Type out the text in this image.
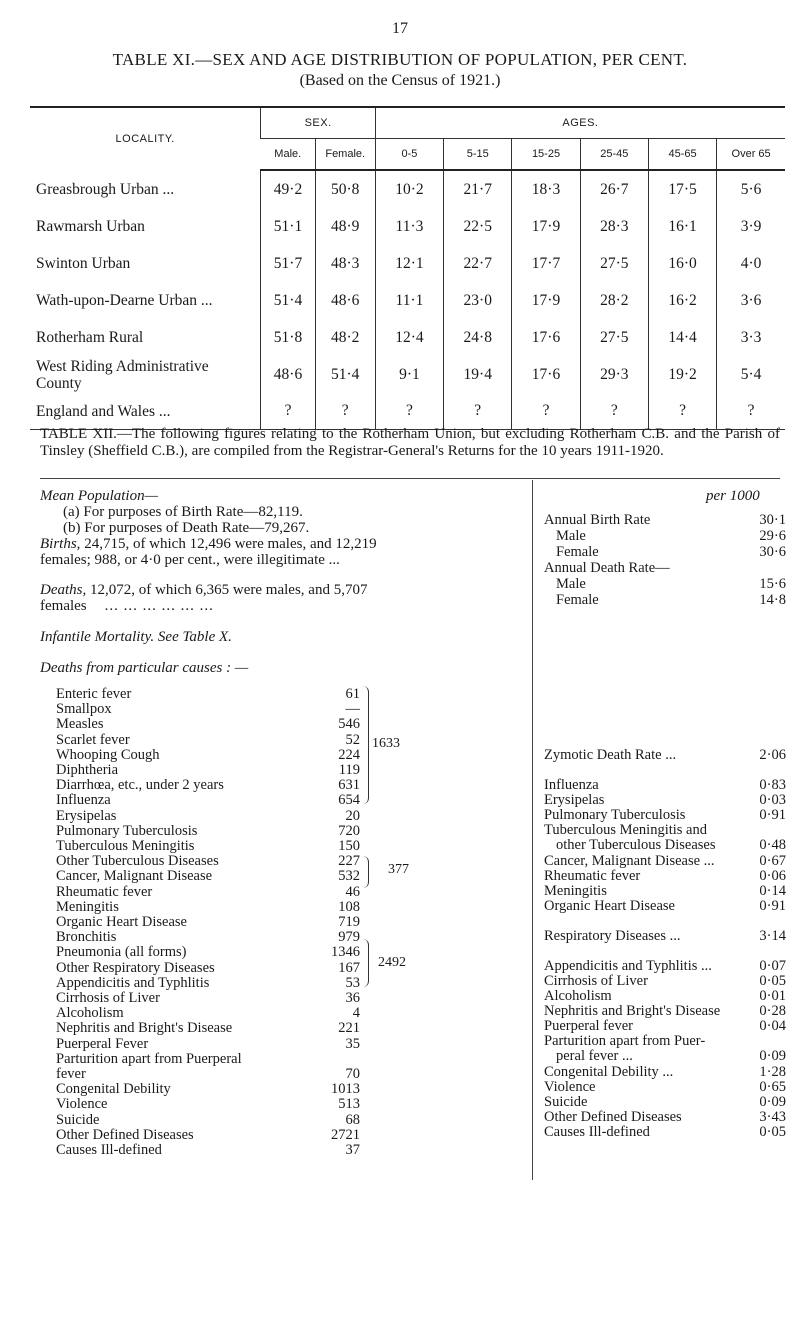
17
TABLE XI.—SEX AND AGE DISTRIBUTION OF POPULATION, PER CENT.
(Based on the Census of 1921.)
LOCALITY.	SEX.		AGES.					
	Male.	Female.	0-5	5-15	15-25	25-45	45-65	Over 65
Greasbrough Urban ...	49·2	50·8	10·2	21·7	18·3	26·7	17·5	5·6
Rawmarsh Urban	51·1	48·9	11·3	22·5	17·9	28·3	16·1	3·9
Swinton Urban	51·7	48·3	12·1	22·7	17·7	27·5	16·0	4·0
Wath-upon-Dearne Urban ...	51·4	48·6	11·1	23·0	17·9	28·2	16·2	3·6
Rotherham Rural	51·8	48·2	12·4	24·8	17·6	27·5	14·4	3·3
West Riding Administrative County	48·6	51·4	9·1	19·4	17·6	29·3	19·2	5·4
England and Wales ...	?	?	?	?	?	?	?	?
TABLE XII.—The following figures relating to the Rotherham Union, but excluding Rotherham C.B. and the Parish of Tinsley (Sheffield C.B.), are compiled from the Registrar-General's Returns for the 10 years 1911-1920.
Mean Population—
(a) For purposes of Birth Rate—82,119.
(b) For purposes of Death Rate—79,267.
Births, 24,715, of which 12,496 were males, and 12,219
females; 988, or 4·0 per cent., were illegitimate ...
Deaths, 12,072, of which 6,365 were males, and 5,707
females ... ... ... ... ... ...
Infantile Mortality. See Table X.
Deaths from particular causes : —
Enteric fever	61
Smallpox	—
Measles	546
Scarlet fever	52
Whooping Cough	224
Diphtheria	119
Diarrhœa, etc., under 2 years	631
Influenza	654
Erysipelas	20
Pulmonary Tuberculosis	720
Tuberculous Meningitis	150
Other Tuberculous Diseases	227
Cancer, Malignant Disease	532
Rheumatic fever	46
Meningitis	108
Organic Heart Disease	719
Bronchitis	979
Pneumonia (all forms)	1346
Other Respiratory Diseases	167
Appendicitis and Typhlitis	53
Cirrhosis of Liver	36
Alcoholism	4
Nephritis and Bright's Disease	221
Puerperal Fever	35
Parturition apart from Puerperal
fever	70
Congenital Debility	1013
Violence	513
Suicide	68
Other Defined Diseases	2721
Causes Ill-defined	37
1633
377
2492
per 1000
Annual Birth Rate	30·1
Male	29·6
Female	30·6
Annual Death Rate—
Male	15·6
Female	14·8
Zymotic Death Rate ...	2·06
Influenza	0·83
Erysipelas	0·03
Pulmonary Tuberculosis	0·91
Tuberculous Meningitis and
other Tuberculous Diseases	0·48
Cancer, Malignant Disease ...	0·67
Rheumatic fever	0·06
Meningitis	0·14
Organic Heart Disease	0·91
Respiratory Diseases ...	3·14
Appendicitis and Typhlitis ...	0·07
Cirrhosis of Liver	0·05
Alcoholism	0·01
Nephritis and Bright's Disease	0·28
Puerperal fever	0·04
Parturition apart from Puer-
peral fever ...	0·09
Congenital Debility ...	1·28
Violence	0·65
Suicide	0·09
Other Defined Diseases	3·43
Causes Ill-defined	0·05
